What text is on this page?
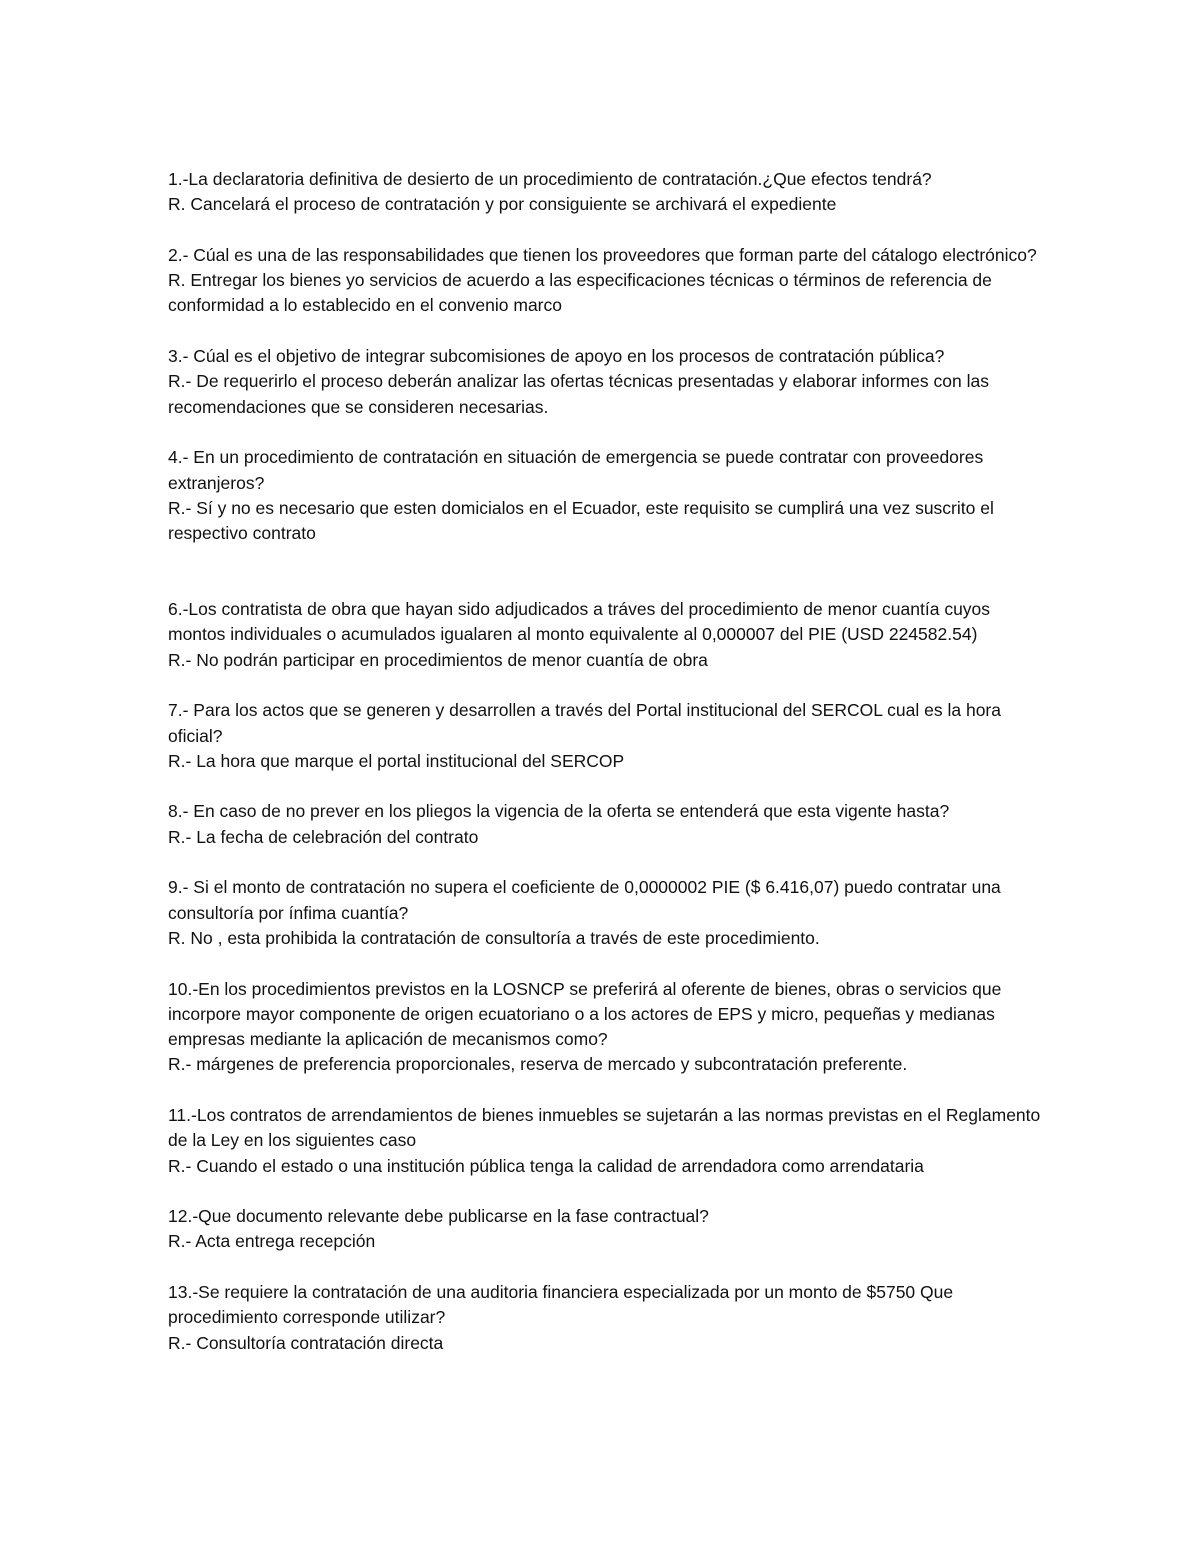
1.-La declaratoria definitiva de desierto de un procedimiento de contratación.¿Que efectos tendrá?
R. Cancelará el proceso de contratación y por consiguiente se archivará el expediente
2.- Cúal es una de las responsabilidades que tienen los proveedores que forman parte del cátalogo electrónico?
R. Entregar los bienes yo servicios de acuerdo a las especificaciones técnicas o términos de referencia de conformidad a lo establecido en el convenio marco
3.- Cúal es el objetivo de integrar subcomisiones de apoyo en los procesos de contratación pública?
R.- De requerirlo el proceso deberán analizar las ofertas técnicas presentadas y elaborar informes con las recomendaciones que se consideren necesarias.
4.- En un procedimiento de contratación en situación de emergencia se puede contratar con proveedores extranjeros?
R.- Sí y no es necesario que esten domicialos en el Ecuador, este requisito se cumplirá una vez suscrito el respectivo contrato
6.-Los contratista de obra que hayan sido adjudicados a tráves del procedimiento de menor cuantía cuyos montos individuales o acumulados igualaren al monto equivalente al 0,000007 del PIE (USD 224582.54)
R.- No podrán participar en procedimientos de menor cuantía de obra
7.- Para los actos que se generen y desarrollen a través del Portal institucional del SERCOL cual es la hora oficial?
R.- La hora que marque el portal institucional del SERCOP
8.- En caso de no prever en los pliegos la vigencia de la oferta se entenderá que esta vigente hasta?
R.- La fecha de celebración del contrato
9.- Si el monto de contratación no supera el coeficiente de 0,0000002 PIE ($ 6.416,07) puedo contratar una consultoría por ínfima cuantía?
R. No , esta prohibida la contratación de consultoría a través de este procedimiento.
10.-En los procedimientos previstos en la LOSNCP se preferirá al oferente de bienes, obras o servicios que incorpore mayor componente de origen ecuatoriano o a los actores de EPS y micro, pequeñas y medianas empresas mediante la aplicación de mecanismos como?
R.- márgenes de preferencia proporcionales, reserva de mercado y subcontratación preferente.
11.-Los contratos de arrendamientos de bienes inmuebles se sujetarán a las normas previstas en el Reglamento de la Ley en los siguientes caso
R.- Cuando el estado o una institución pública tenga la calidad de arrendadora como arrendataria
12.-Que documento relevante debe publicarse en la fase contractual?
R.- Acta entrega recepción
13.-Se requiere la contratación de una auditoria financiera especializada por un monto de $5750 Que procedimiento corresponde utilizar?
R.- Consultoría contratación directa
